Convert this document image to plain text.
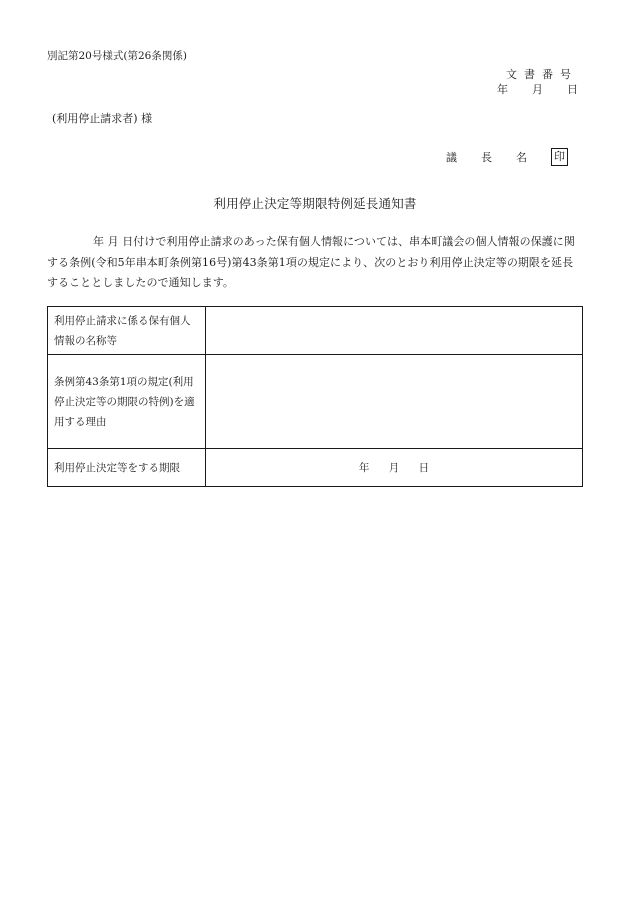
別記第20号様式(第26条関係)
文書番号
年 月 日
(利用停止請求者) 様
議長名 印
利用停止決定等期限特例延長通知書
年 月 日付けで利用停止請求のあった保有個人情報については、串本町議会の個人情報の保護に関する条例(令和5年串本町条例第16号)第43条第1項の規定により、次のとおり利用停止決定等の期限を延長することとしましたので通知します。
利用停止請求に係る保有個人情報の名称等	
条例第43条第1項の規定(利用停止決定等の期限の特例)を適用する理由	
利用停止決定等をする期限	年 月 日
